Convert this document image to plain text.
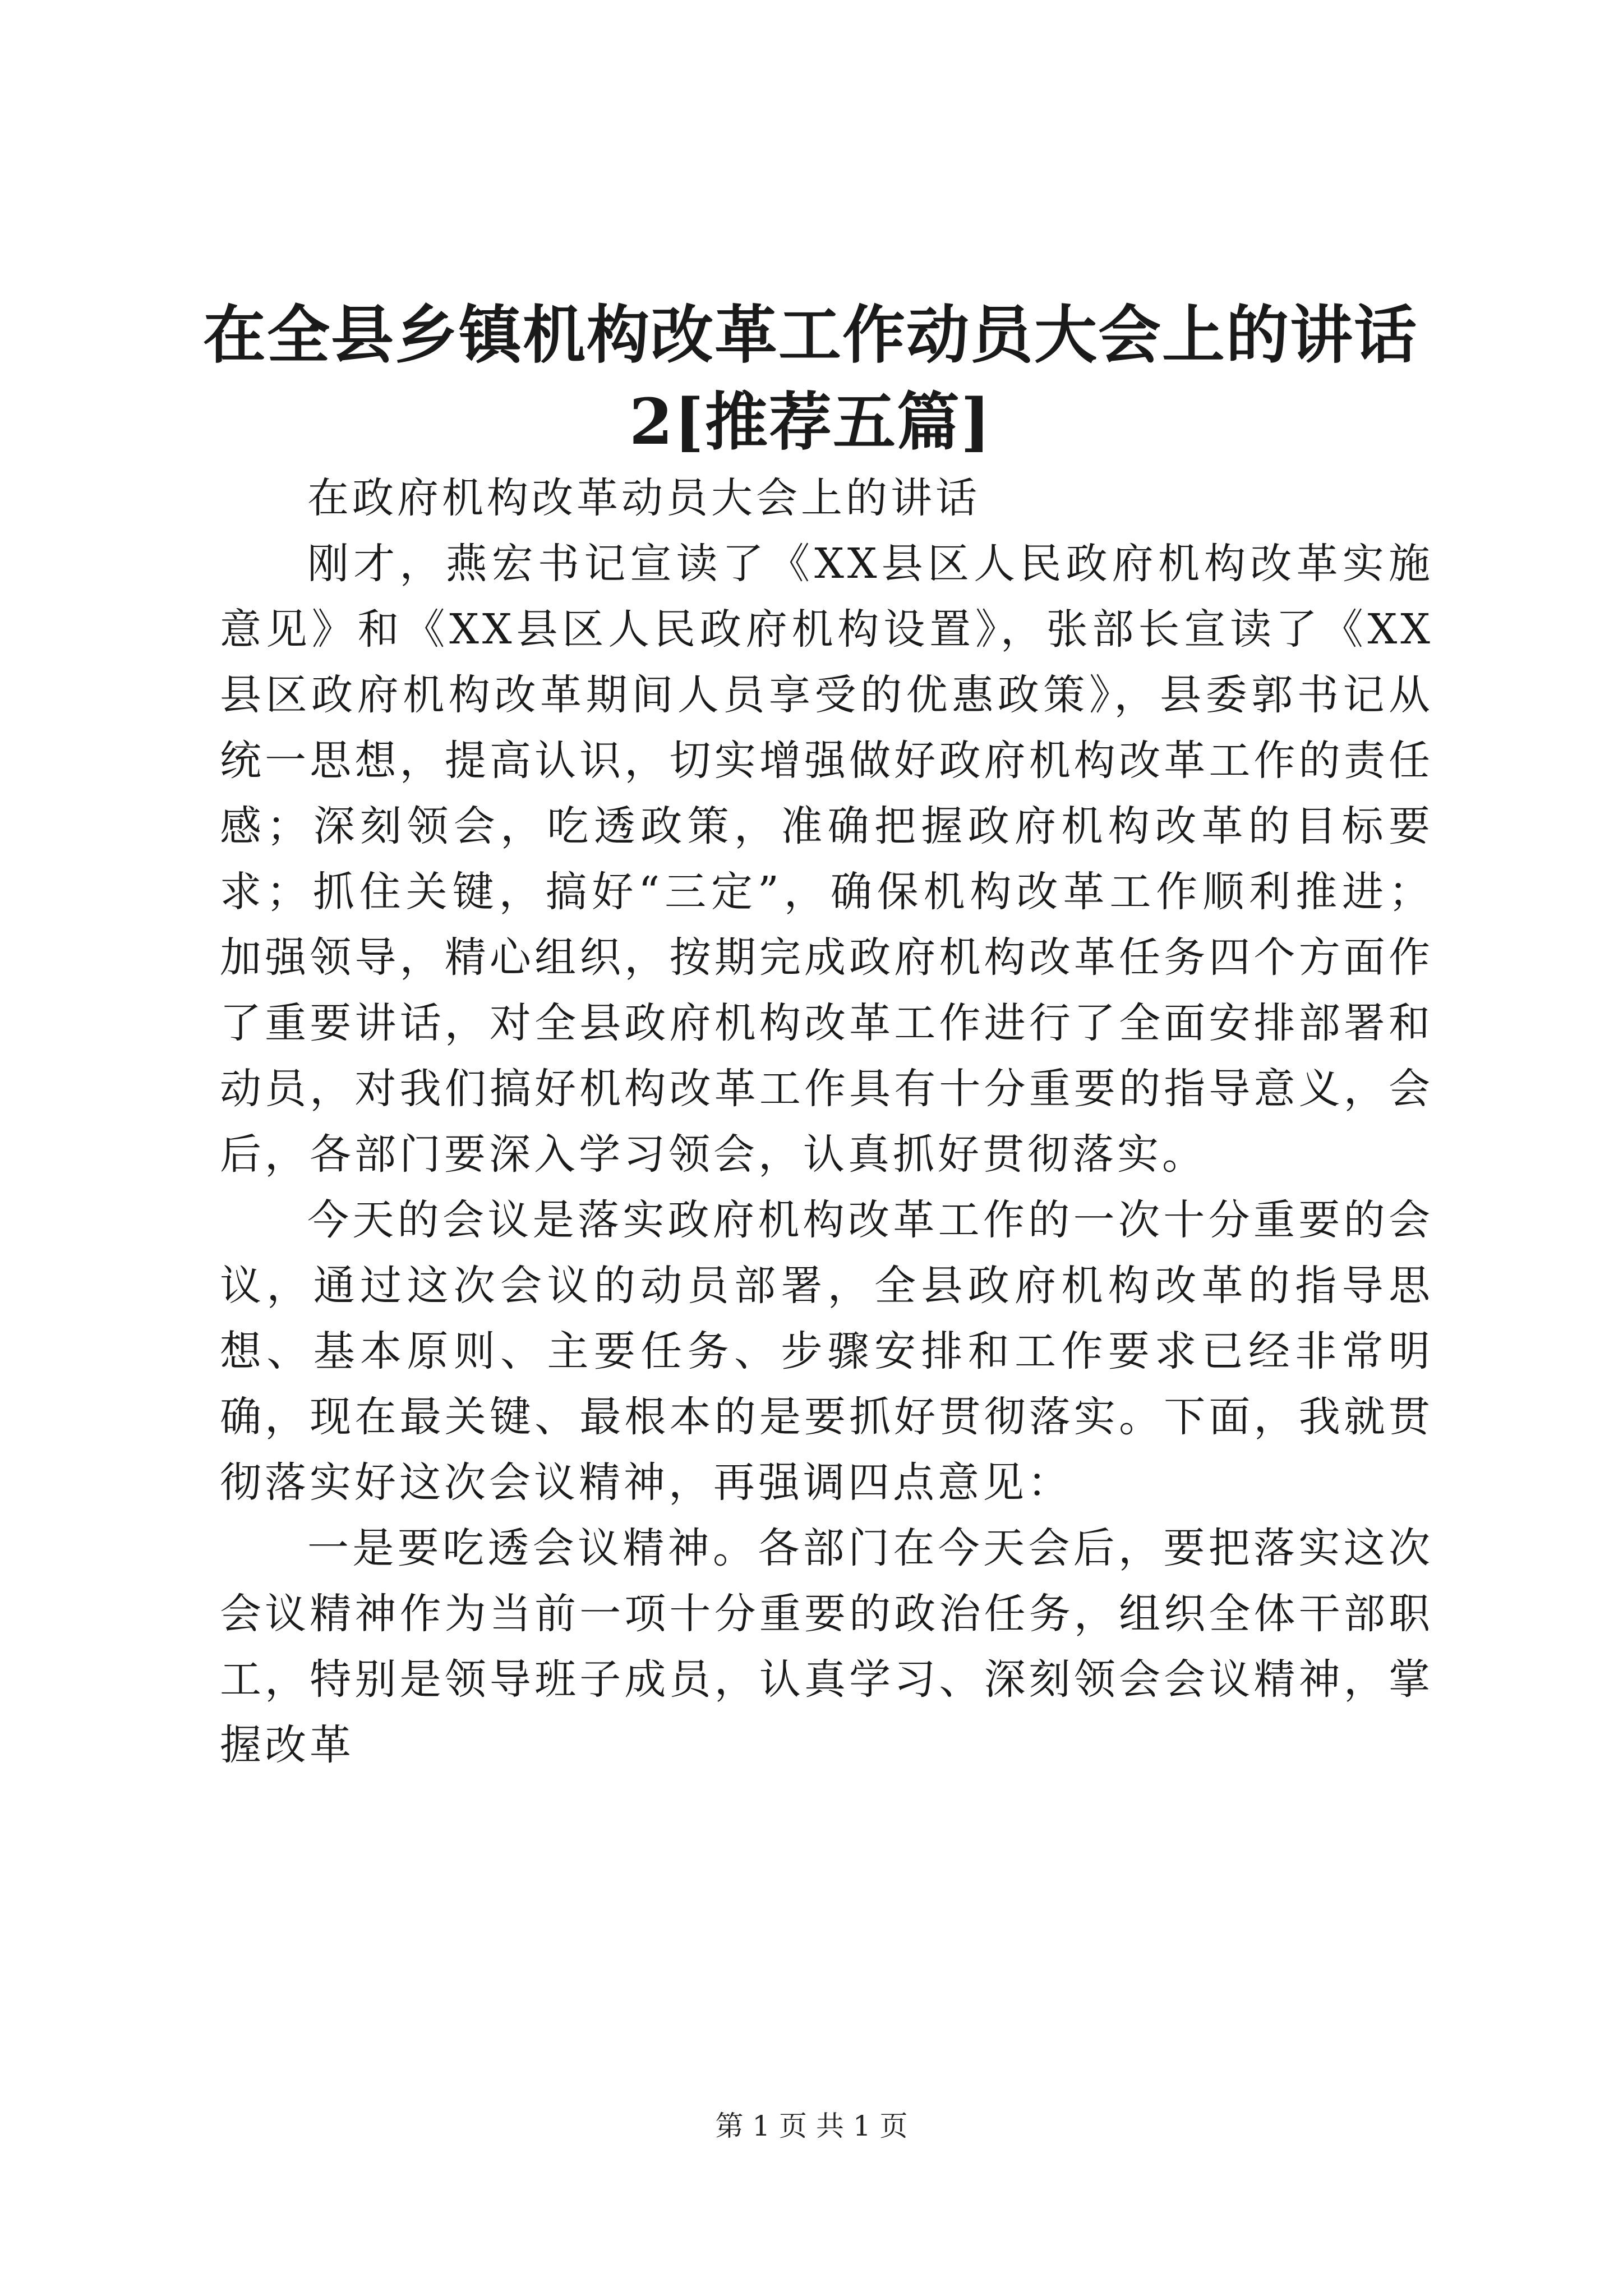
在全县乡镇机构改革工作动员大会上的讲话
2[推荐五篇]

在政府机构改革动员大会上的讲话

刚才，燕宏书记宣读了《XX县区人民政府机构改革实施意见》和《XX县区人民政府机构设置》，张部长宣读了《XX县区政府机构改革期间人员享受的优惠政策》，县委郭书记从统一思想，提高认识，切实增强做好政府机构改革工作的责任感；深刻领会，吃透政策，准确把握政府机构改革的目标要求；抓住关键，搞好“三定”，确保机构改革工作顺利推进；加强领导，精心组织，按期完成政府机构改革任务四个方面作了重要讲话，对全县政府机构改革工作进行了全面安排部署和动员，对我们搞好机构改革工作具有十分重要的指导意义，会后，各部门要深入学习领会，认真抓好贯彻落实。

今天的会议是落实政府机构改革工作的一次十分重要的会议，通过这次会议的动员部署，全县政府机构改革的指导思想、基本原则、主要任务、步骤安排和工作要求已经非常明确，现在最关键、最根本的是要抓好贯彻落实。下面，我就贯彻落实好这次会议精神，再强调四点意见：

一是要吃透会议精神。各部门在今天会后，要把落实这次会议精神作为当前一项十分重要的政治任务，组织全体干部职工，特别是领导班子成员，认真学习、深刻领会会议精神，掌握改革

第 1 页 共 1 页
